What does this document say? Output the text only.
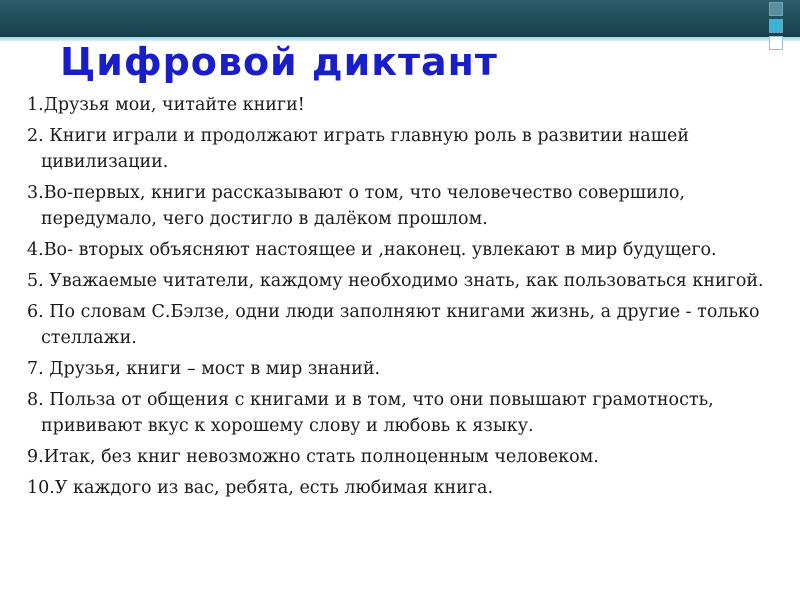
Цифровой диктант
1.Друзья мои, читайте книги!
2. Книги играли и продолжают играть главную роль в развитии нашей цивилизации.
3.Во-первых, книги рассказывают о том, что человечество совершило, передумало, чего достигло в далёком прошлом.
4.Во- вторых объясняют настоящее и ,наконец. увлекают в мир будущего.
5. Уважаемые читатели, каждому необходимо знать, как пользоваться книгой.
6. По словам С.Бэлзе, одни люди заполняют книгами жизнь, а другие - только стеллажи.
7. Друзья, книги – мост в мир знаний.
8. Польза от общения с книгами и в том, что они повышают грамотность, прививают вкус к хорошему слову и любовь к языку.
9.Итак, без книг невозможно стать полноценным человеком.
10.У каждого из вас, ребята, есть любимая книга.
